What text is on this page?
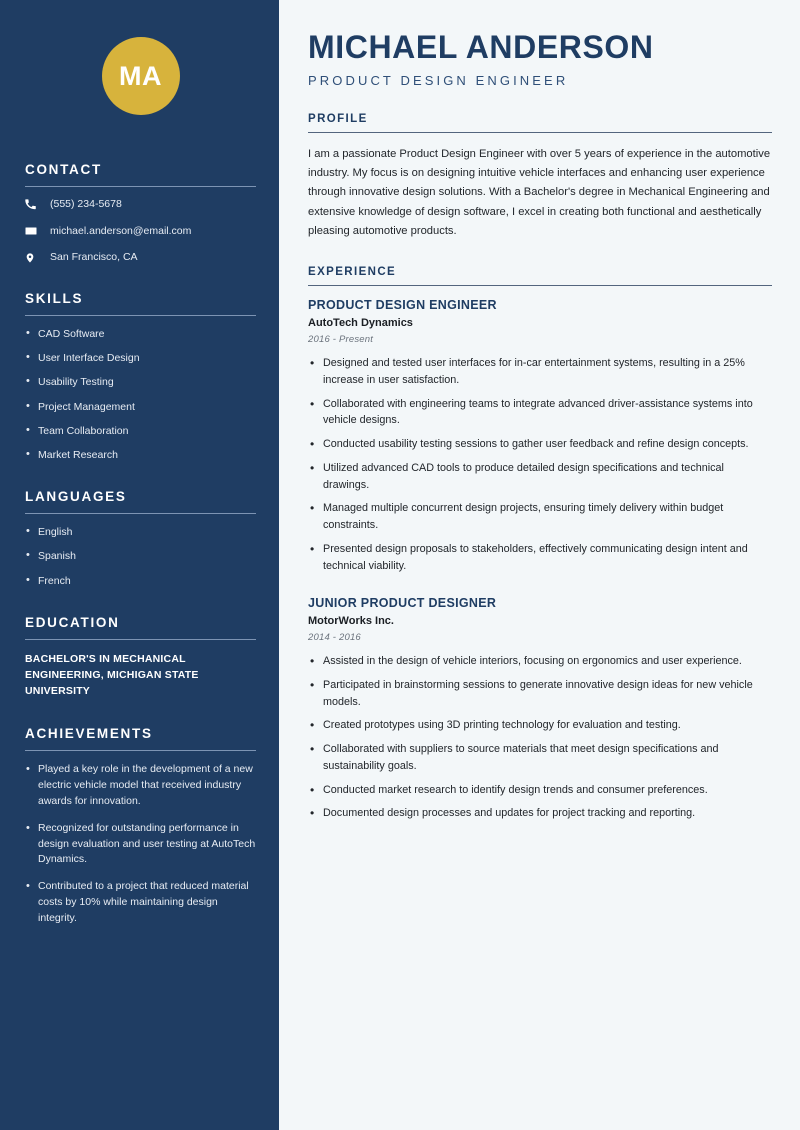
MA
CONTACT
(555) 234-5678
michael.anderson@email.com
San Francisco, CA
SKILLS
• CAD Software
• User Interface Design
• Usability Testing
• Project Management
• Team Collaboration
• Market Research
LANGUAGES
• English
• Spanish
• French
EDUCATION
BACHELOR'S IN MECHANICAL ENGINEERING, MICHIGAN STATE UNIVERSITY
ACHIEVEMENTS
• Played a key role in the development of a new electric vehicle model that received industry awards for innovation.
• Recognized for outstanding performance in design evaluation and user testing at AutoTech Dynamics.
• Contributed to a project that reduced material costs by 10% while maintaining design integrity.
MICHAEL ANDERSON
PRODUCT DESIGN ENGINEER
PROFILE

I am a passionate Product Design Engineer with over 5 years of experience in the automotive industry. My focus is on designing intuitive vehicle interfaces and enhancing user experience through innovative design solutions. With a Bachelor's degree in Mechanical Engineering and extensive knowledge of design software, I excel in creating both functional and aesthetically pleasing automotive products.

EXPERIENCE
PRODUCT DESIGN ENGINEER
AutoTech Dynamics
2016 - Present
• Designed and tested user interfaces for in-car entertainment systems, resulting in a 25% increase in user satisfaction.
• Collaborated with engineering teams to integrate advanced driver-assistance systems into vehicle designs.
• Conducted usability testing sessions to gather user feedback and refine design concepts.
• Utilized advanced CAD tools to produce detailed design specifications and technical drawings.
• Managed multiple concurrent design projects, ensuring timely delivery within budget constraints.
• Presented design proposals to stakeholders, effectively communicating design intent and technical viability.
JUNIOR PRODUCT DESIGNER
MotorWorks Inc.
2014 - 2016
• Assisted in the design of vehicle interiors, focusing on ergonomics and user experience.
• Participated in brainstorming sessions to generate innovative design ideas for new vehicle models.
• Created prototypes using 3D printing technology for evaluation and testing.
• Collaborated with suppliers to source materials that meet design specifications and sustainability goals.
• Conducted market research to identify design trends and consumer preferences.
• Documented design processes and updates for project tracking and reporting.
